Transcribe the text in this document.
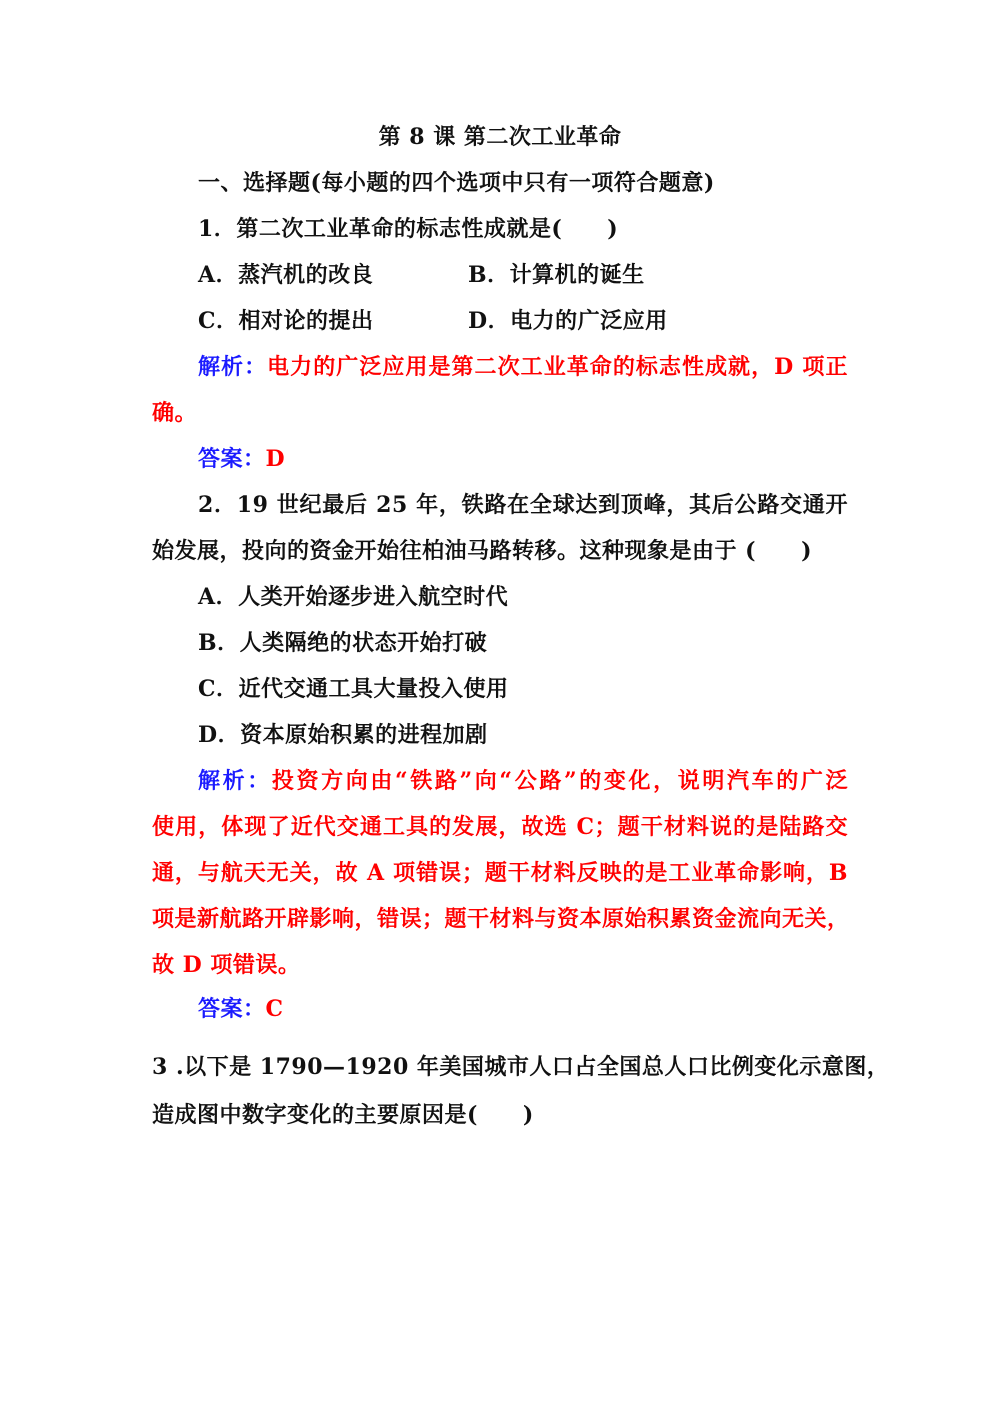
第 8 课 第二次工业革命
一、选择题(每小题的四个选项中只有一项符合题意)
1．第二次工业革命的标志性成就是(　　)
A．蒸汽机的改良	B．计算机的诞生
C．相对论的提出	D．电力的广泛应用
解析：电力的广泛应用是第二次工业革命的标志性成就，D 项正
确。
答案：D
2．19 世纪最后 25 年，铁路在全球达到顶峰，其后公路交通开
始发展，投向的资金开始往柏油马路转移。这种现象是由于 (　　)
A．人类开始逐步进入航空时代
B．人类隔绝的状态开始打破
C．近代交通工具大量投入使用
D．资本原始积累的进程加剧
解析：投资方向由“铁路”向“公路”的变化，说明汽车的广泛
使用，体现了近代交通工具的发展，故选 C；题干材料说的是陆路交
通，与航天无关，故 A 项错误；题干材料反映的是工业革命影响，B
项是新航路开辟影响，错误；题干材料与资本原始积累资金流向无关，
故 D 项错误。
答案：C
3 .以下是 1790—1920 年美国城市人口占全国总人口比例变化示意图，
造成图中数字变化的主要原因是(　　)
